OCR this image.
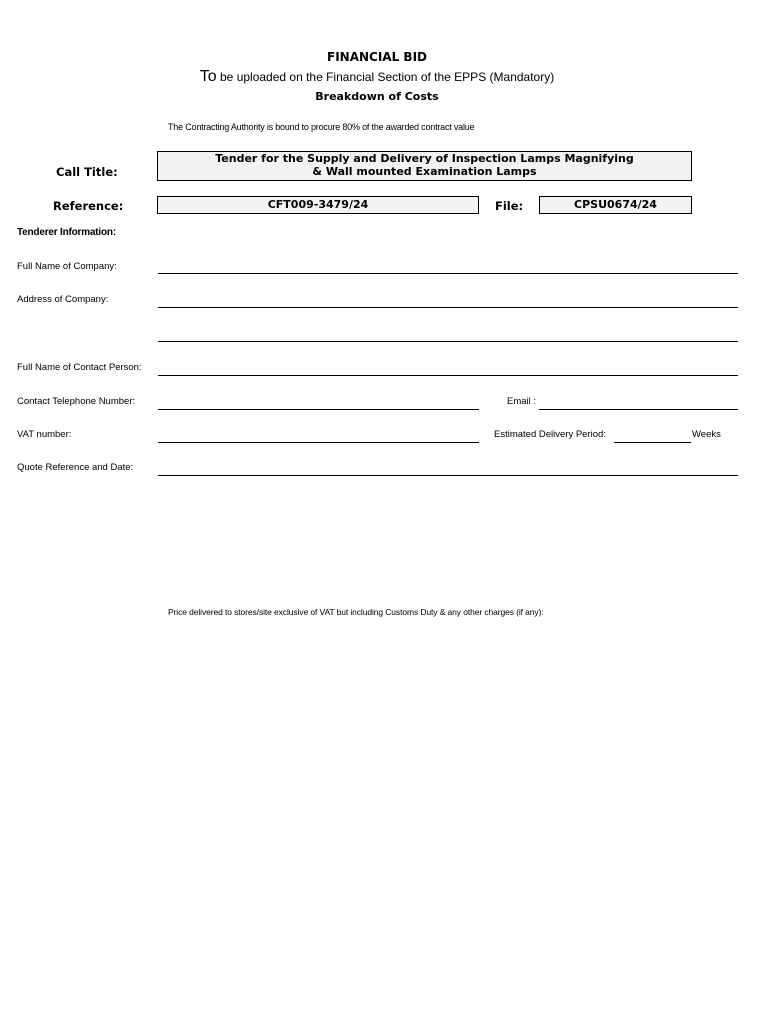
FINANCIAL BID
To be uploaded on the Financial Section of the EPPS (Mandatory)
Breakdown of Costs
The Contracting Authority is bound to procure 80% of the awarded contract value
Call Title:
Tender for the Supply and Delivery of Inspection Lamps Magnifying
& Wall mounted Examination Lamps
Reference:	CFT009-3479/24	File:	CPSU0674/24
Tenderer Information:
Full Name of Company:
Address of Company:
Full Name of Contact Person:
Contact Telephone Number:	Email :
VAT number:	Estimated Delivery Period:	Weeks
Quote Reference and Date:
Price delivered to stores/site exclusive of VAT but including Customs Duty & any other charges (if any):
